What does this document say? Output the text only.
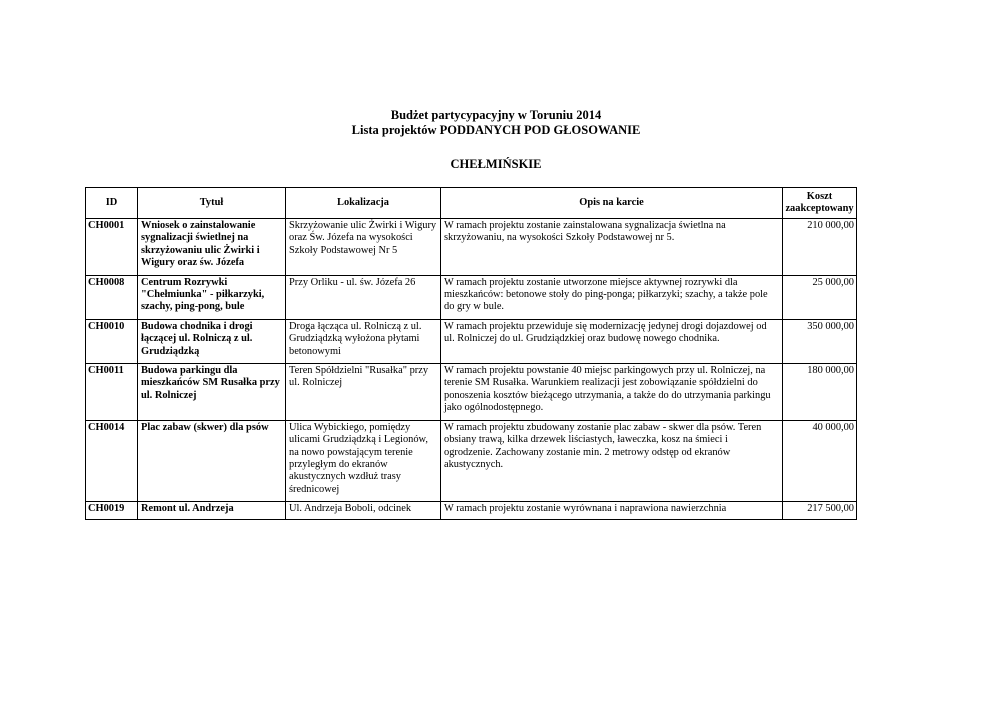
Budżet partycypacyjny w Toruniu 2014
Lista projektów PODDANYCH POD GŁOSOWANIE
CHEŁMIŃSKIE
ID	Tytuł	Lokalizacja	Opis na karcie	Koszt zaakceptowany
CH0001	Wniosek o zainstalowanie sygnalizacji świetlnej na skrzyżowaniu ulic Żwirki i Wigury oraz św. Józefa	Skrzyżowanie ulic Żwirki i Wigury oraz Św. Józefa na wysokości Szkoły Podstawowej Nr 5	W ramach projektu zostanie zainstalowana sygnalizacja świetlna na skrzyżowaniu, na wysokości Szkoły Podstawowej nr 5.	210 000,00
CH0008	Centrum Rozrywki "Chełmiunka" - piłkarzyki, szachy, ping-pong, bule	Przy Orliku - ul. św. Józefa 26	W ramach projektu zostanie utworzone miejsce aktywnej rozrywki dla mieszkańców: betonowe stoły do ping-ponga; piłkarzyki; szachy, a także pole do gry w bule.	25 000,00
CH0010	Budowa chodnika i drogi łączącej ul. Rolniczą z ul. Grudziądzką	Droga łącząca ul. Rolniczą z ul. Grudziądzką wyłożona płytami betonowymi	W ramach projektu przewiduje się modernizację jedynej drogi dojazdowej od ul. Rolniczej do ul. Grudziądzkiej oraz budowę nowego chodnika.	350 000,00
CH0011	Budowa parkingu dla mieszkańców SM Rusałka przy ul. Rolniczej	Teren Spółdzielni "Rusałka" przy ul. Rolniczej	W ramach projektu powstanie 40 miejsc parkingowych przy ul. Rolniczej, na terenie SM Rusałka. Warunkiem realizacji jest zobowiązanie spółdzielni do ponoszenia kosztów bieżącego utrzymania, a także do do utrzymania parkingu jako ogólnodostępnego.	180 000,00
CH0014	Plac zabaw (skwer) dla psów	Ulica Wybickiego, pomiędzy ulicami Grudziądzką i Legionów, na nowo powstającym terenie przyległym do ekranów akustycznych wzdłuż trasy średnicowej	W ramach projektu zbudowany zostanie plac zabaw - skwer dla psów. Teren obsiany trawą, kilka drzewek liściastych, ławeczka, kosz na śmieci i ogrodzenie. Zachowany zostanie min. 2 metrowy odstęp od ekranów akustycznych.	40 000,00
CH0019	Remont ul. Andrzeja	Ul. Andrzeja Boboli, odcinek	W ramach projektu zostanie wyrównana i naprawiona nawierzchnia	217 500,00
